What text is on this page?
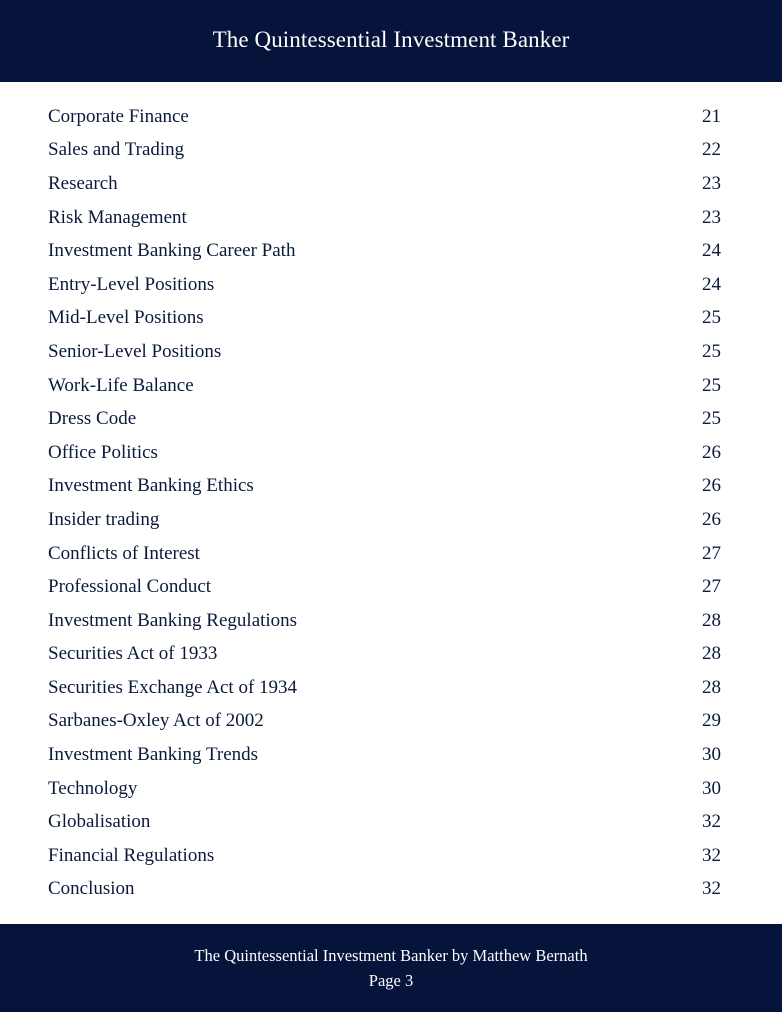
The Quintessential Investment Banker
Corporate Finance	21
Sales and Trading	22
Research	23
Risk Management	23
Investment Banking Career Path	24
Entry-Level Positions	24
Mid-Level Positions	25
Senior-Level Positions	25
Work-Life Balance	25
Dress Code	25
Office Politics	26
Investment Banking Ethics	26
Insider trading	26
Conflicts of Interest	27
Professional Conduct	27
Investment Banking Regulations	28
Securities Act of 1933	28
Securities Exchange Act of 1934	28
Sarbanes-Oxley Act of 2002	29
Investment Banking Trends	30
Technology	30
Globalisation	32
Financial Regulations	32
Conclusion	32
The Quintessential Investment Banker by Matthew Bernath
Page 3
